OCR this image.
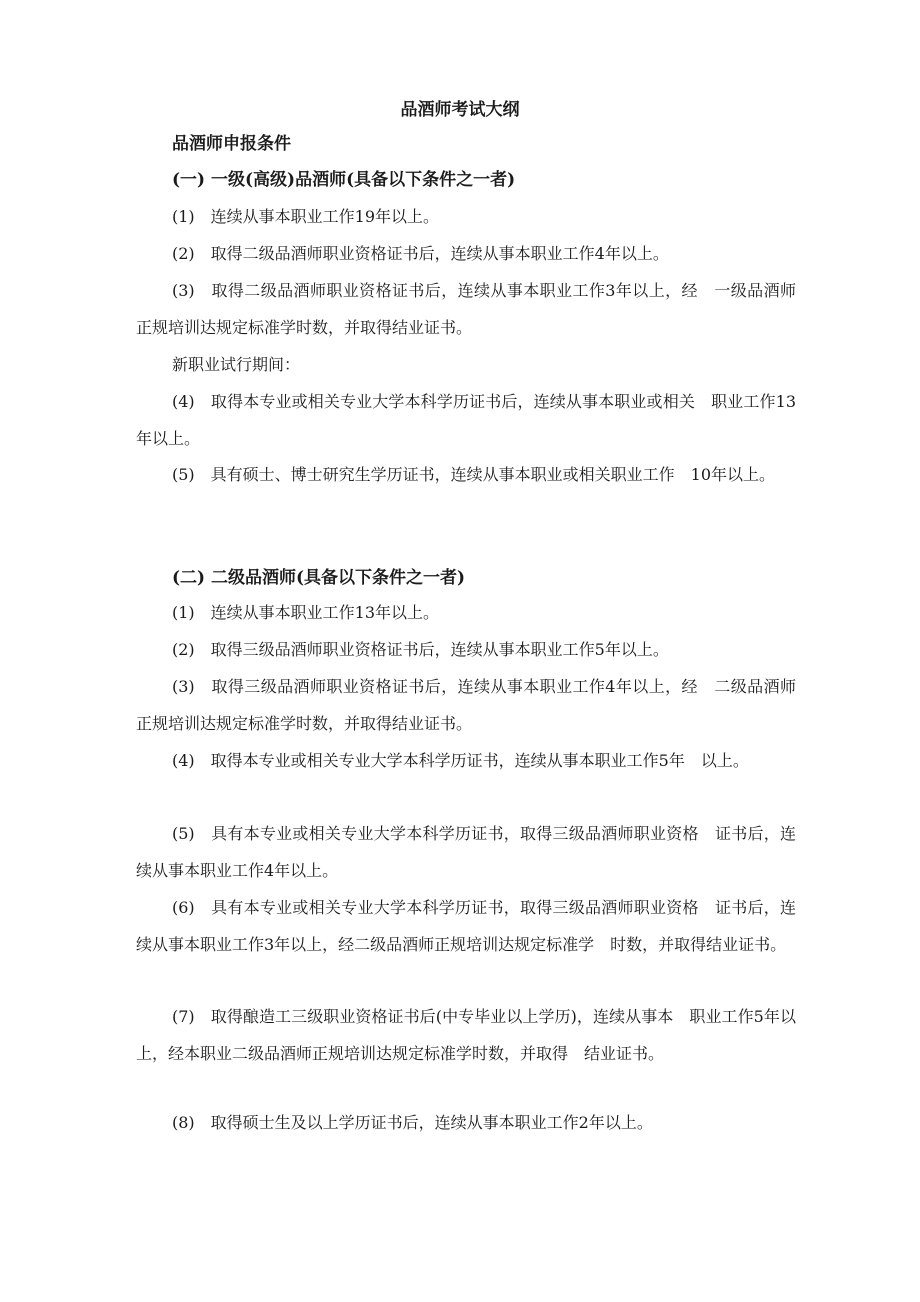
品酒师考试大纲
品酒师申报条件
(一) 一级(高级)品酒师(具备以下条件之一者)
(1)　连续从事本职业工作19年以上。
(2)　取得二级品酒师职业资格证书后，连续从事本职业工作4年以上。
(3)　取得二级品酒师职业资格证书后，连续从事本职业工作3年以上，经　一级品酒师正规培训达规定标准学时数，并取得结业证书。
新职业试行期间：
(4)　取得本专业或相关专业大学本科学历证书后，连续从事本职业或相关　职业工作13年以上。
(5)　具有硕士、博士研究生学历证书，连续从事本职业或相关职业工作　10年以上。
(二) 二级品酒师(具备以下条件之一者)
(1)　连续从事本职业工作13年以上。
(2)　取得三级品酒师职业资格证书后，连续从事本职业工作5年以上。
(3)　取得三级品酒师职业资格证书后，连续从事本职业工作4年以上，经　二级品酒师正规培训达规定标准学时数，并取得结业证书。
(4)　取得本专业或相关专业大学本科学历证书，连续从事本职业工作5年　以上。
(5)　具有本专业或相关专业大学本科学历证书，取得三级品酒师职业资格　证书后，连续从事本职业工作4年以上。
(6)　具有本专业或相关专业大学本科学历证书，取得三级品酒师职业资格　证书后，连续从事本职业工作3年以上，经二级品酒师正规培训达规定标准学　时数，并取得结业证书。
(7)　取得酿造工三级职业资格证书后(中专毕业以上学历)，连续从事本　职业工作5年以上，经本职业二级品酒师正规培训达规定标准学时数，并取得　结业证书。
(8)　取得硕士生及以上学历证书后，连续从事本职业工作2年以上。
